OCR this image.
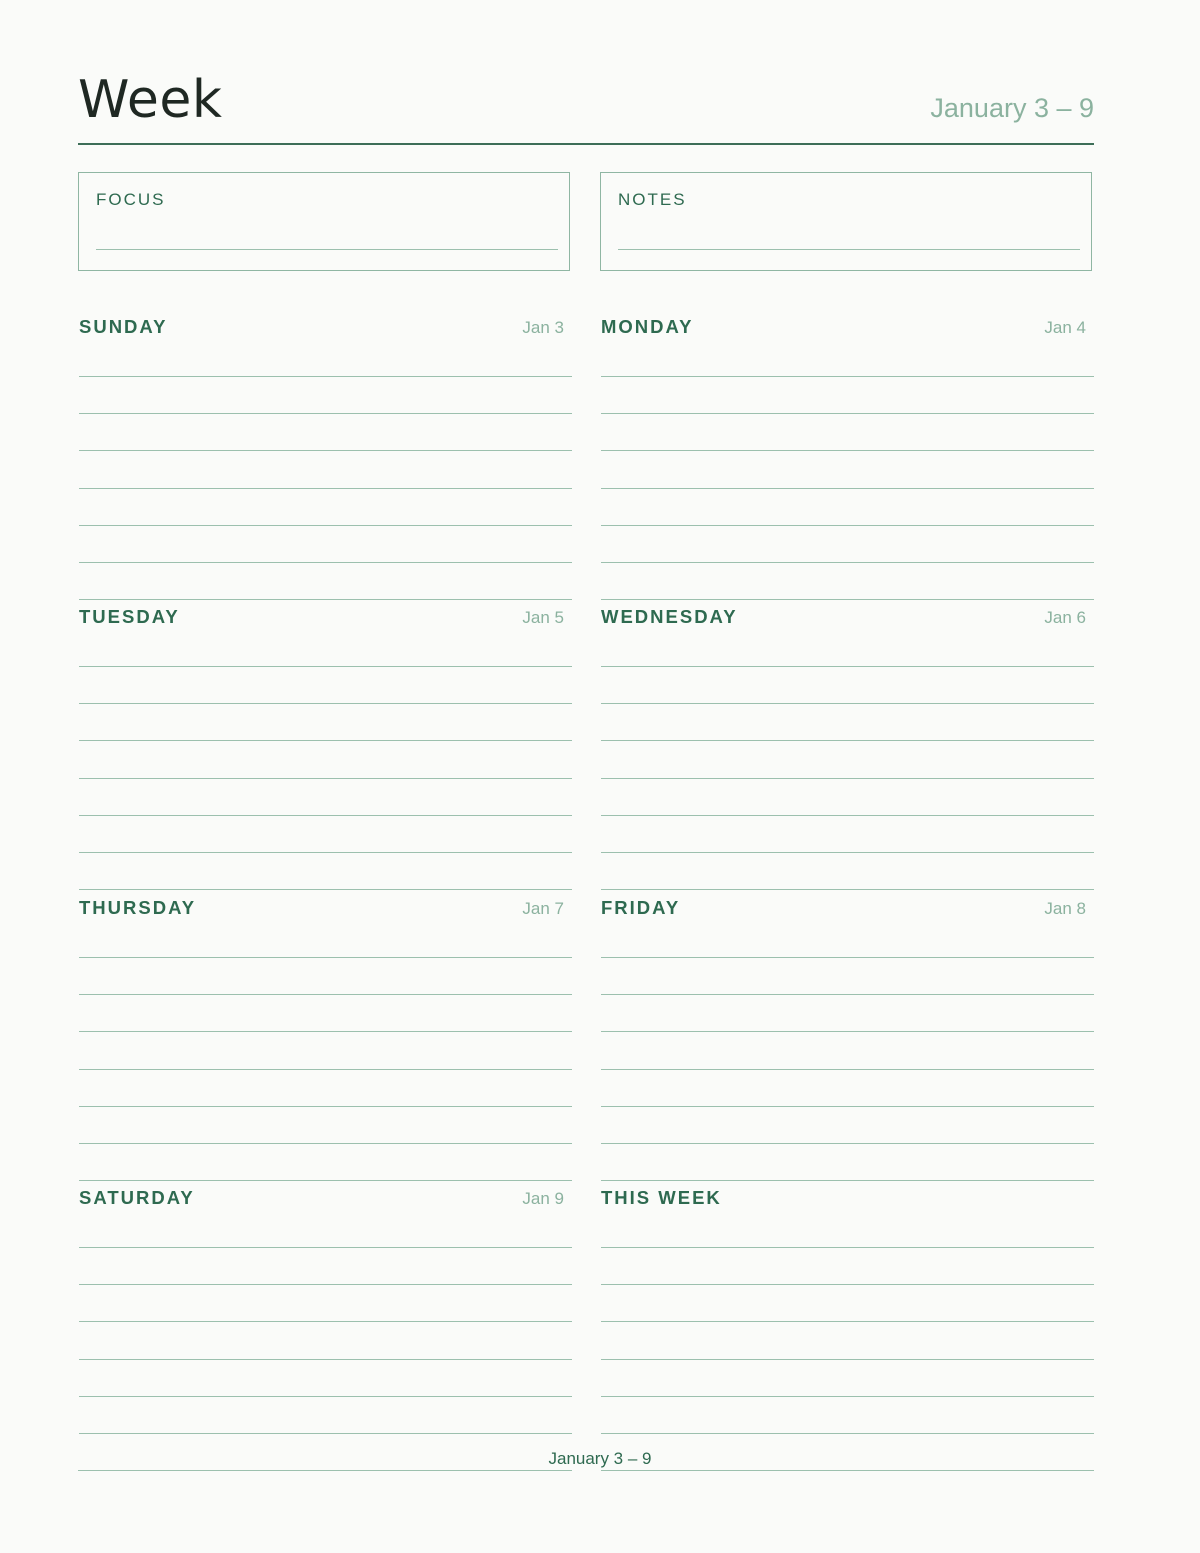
Week	January 3 – 9
FOCUS	NOTES
SUNDAY	Jan 3 MONDAY	Jan 4
TUESDAY	Jan 5 WEDNESDAY	Jan 6
THURSDAY	Jan 7 FRIDAY	Jan 8
SATURDAY	Jan 9 THIS WEEK
January 3 – 9
